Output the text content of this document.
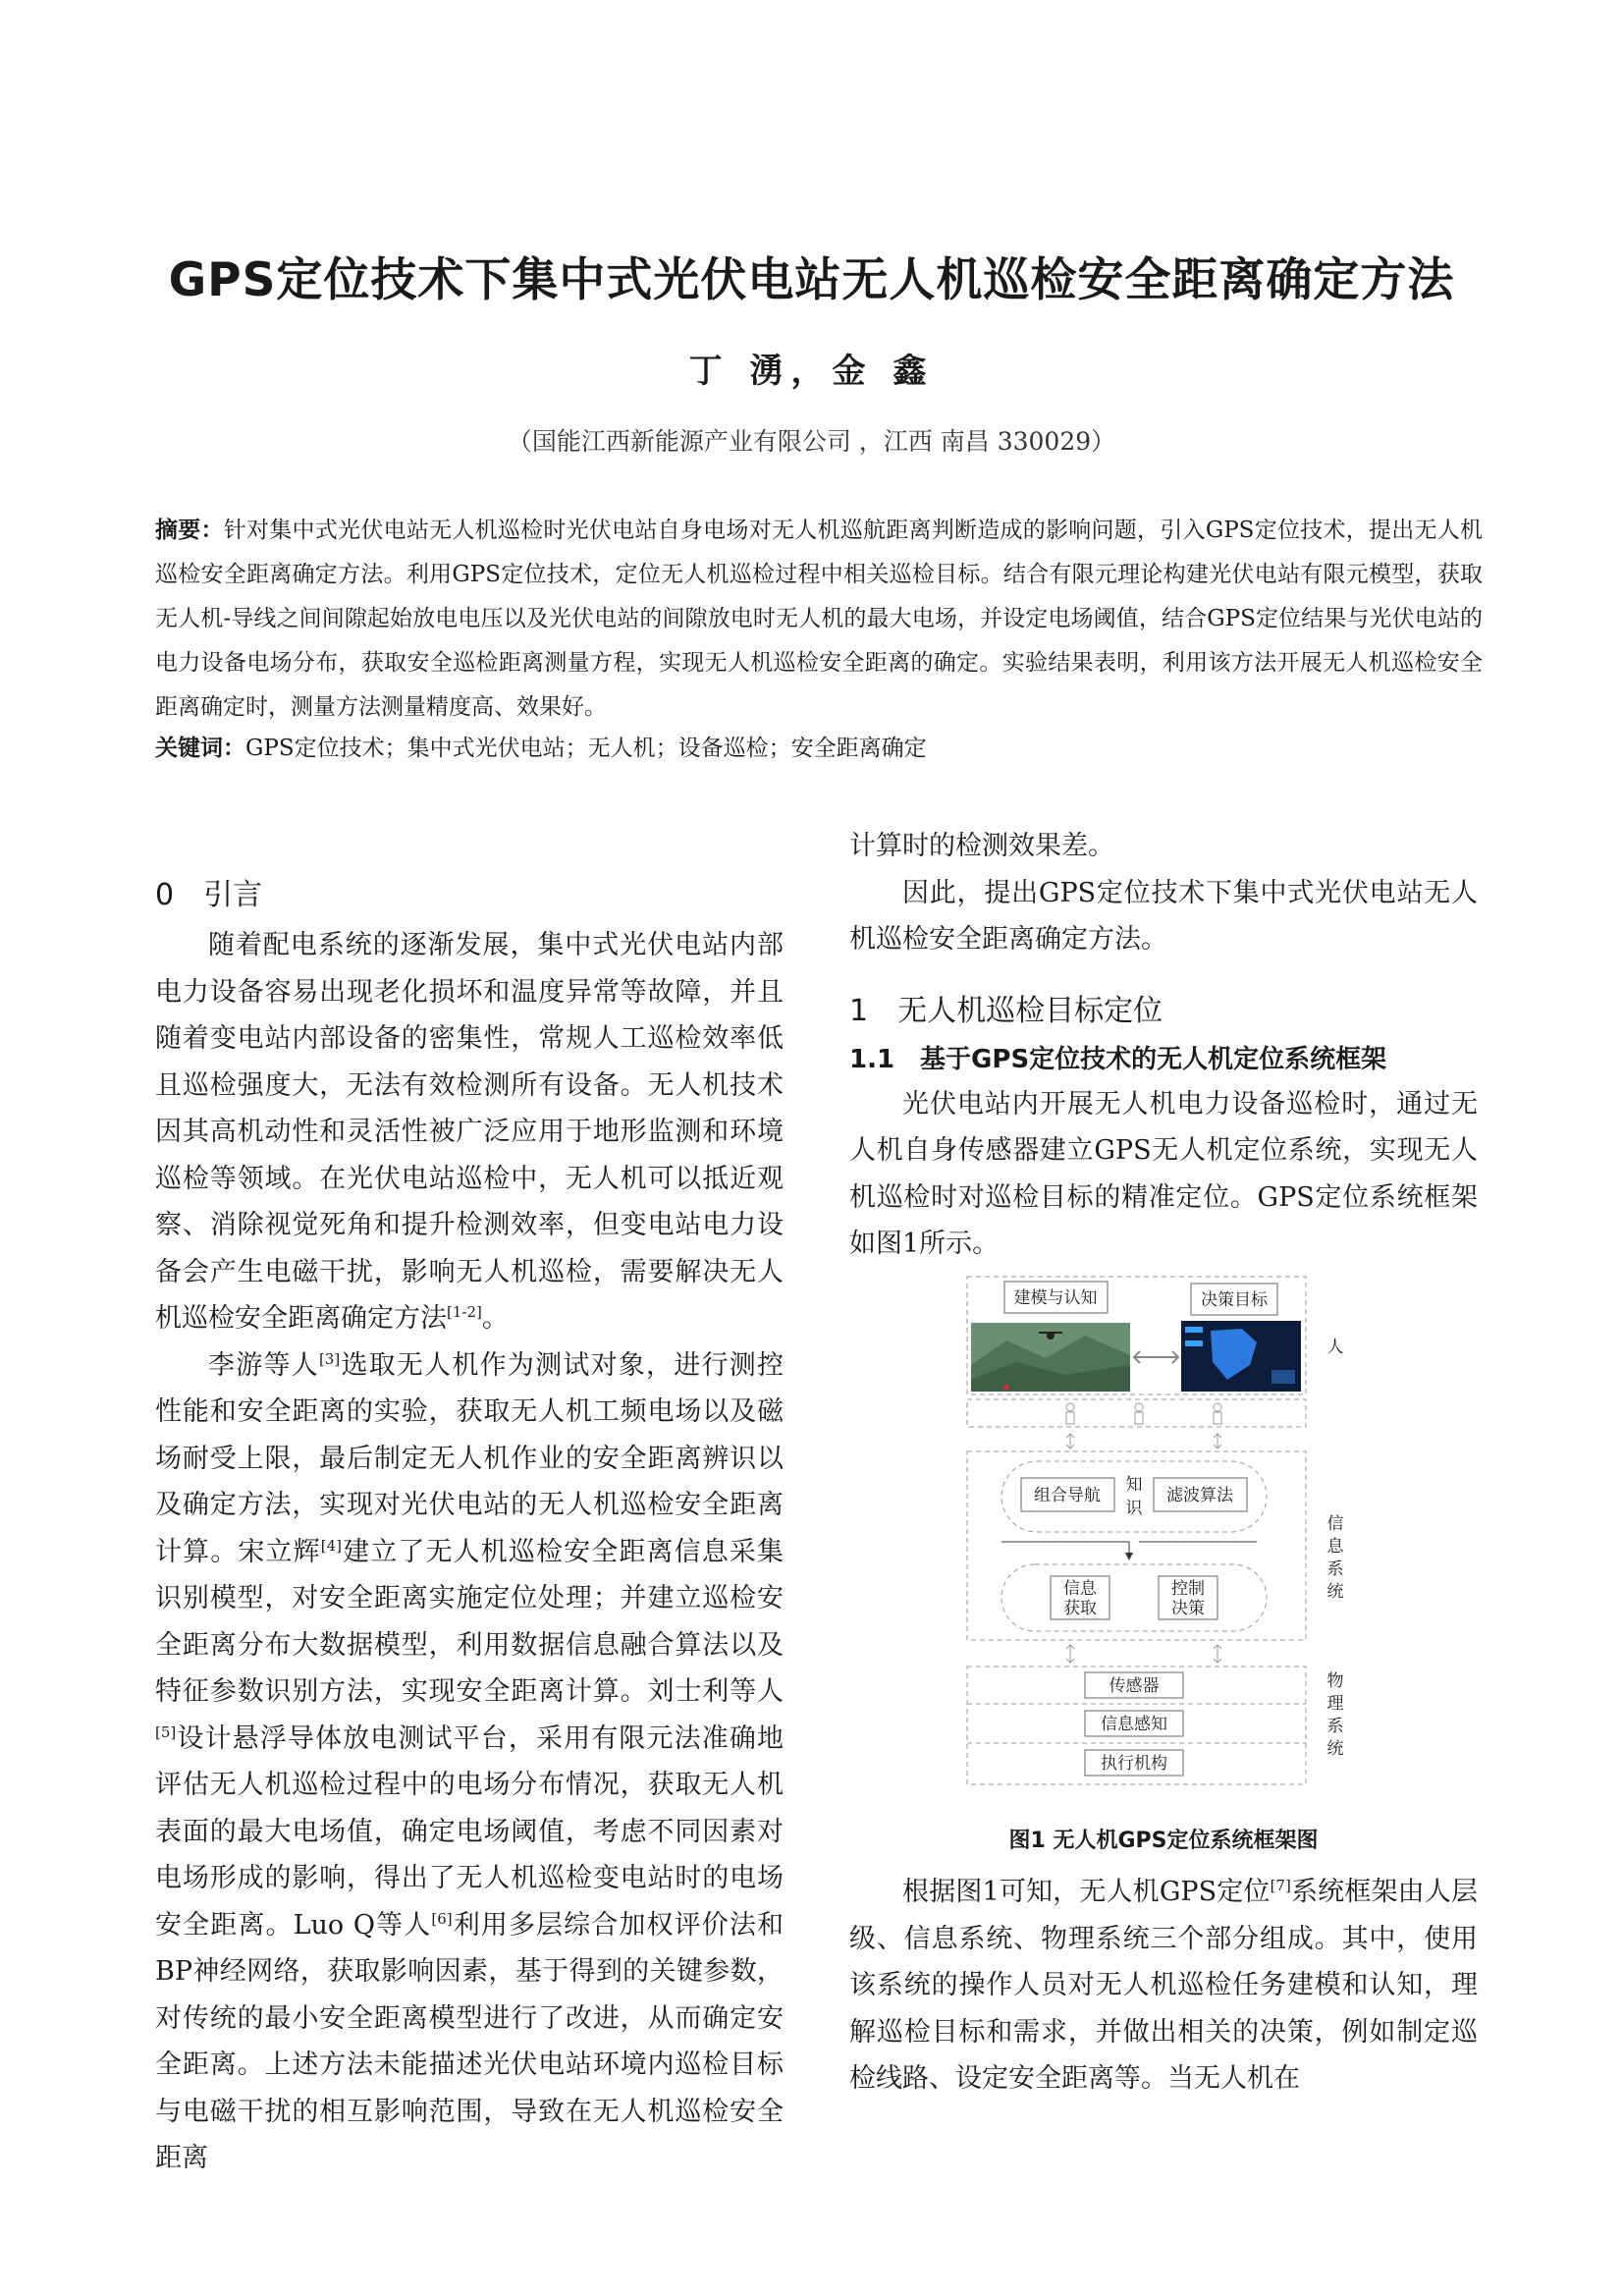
GPS定位技术下集中式光伏电站无人机巡检安全距离确定方法
丁 湧，金 鑫
（国能江西新能源产业有限公司 ，江西 南昌 330029）
摘要：针对集中式光伏电站无人机巡检时光伏电站自身电场对无人机巡航距离判断造成的影响问题，引入GPS定位技术，提出无人机巡检安全距离确定方法。利用GPS定位技术，定位无人机巡检过程中相关巡检目标。结合有限元理论构建光伏电站有限元模型，获取无人机-导线之间间隙起始放电电压以及光伏电站的间隙放电时无人机的最大电场，并设定电场阈值，结合GPS定位结果与光伏电站的电力设备电场分布，获取安全巡检距离测量方程，实现无人机巡检安全距离的确定。实验结果表明，利用该方法开展无人机巡检安全距离确定时，测量方法测量精度高、效果好。
关键词：GPS定位技术；集中式光伏电站；无人机；设备巡检；安全距离确定
0　引言

随着配电系统的逐渐发展，集中式光伏电站内部电力设备容易出现老化损坏和温度异常等故障，并且随着变电站内部设备的密集性，常规人工巡检效率低且巡检强度大，无法有效检测所有设备。无人机技术因其高机动性和灵活性被广泛应用于地形监测和环境巡检等领域。在光伏电站巡检中，无人机可以抵近观察、消除视觉死角和提升检测效率，但变电站电力设备会产生电磁干扰，影响无人机巡检，需要解决无人机巡检安全距离确定方法[1-2]。

李游等人[3]选取无人机作为测试对象，进行测控性能和安全距离的实验，获取无人机工频电场以及磁场耐受上限，最后制定无人机作业的安全距离辨识以及确定方法，实现对光伏电站的无人机巡检安全距离计算。宋立辉[4]建立了无人机巡检安全距离信息采集识别模型，对安全距离实施定位处理；并建立巡检安全距离分布大数据模型，利用数据信息融合算法以及特征参数识别方法，实现安全距离计算。刘士利等人[5]设计悬浮导体放电测试平台，采用有限元法准确地评估无人机巡检过程中的电场分布情况，获取无人机表面的最大电场值，确定电场阈值，考虑不同因素对电场形成的影响，得出了无人机巡检变电站时的电场安全距离。Luo Q等人[6]利用多层综合加权评价法和BP神经网络，获取影响因素，基于得到的关键参数，对传统的最小安全距离模型进行了改进，从而确定安全距离。上述方法未能描述光伏电站环境内巡检目标与电磁干扰的相互影响范围，导致在无人机巡检安全距离

计算时的检测效果差。

因此，提出GPS定位技术下集中式光伏电站无人机巡检安全距离确定方法。

1　无人机巡检目标定位
1.1　基于GPS定位技术的无人机定位系统框架

光伏电站内开展无人机电力设备巡检时，通过无人机自身传感器建立GPS无人机定位系统，实现无人机巡检时对巡检目标的精准定位。GPS定位系统框架如图1所示。

建模与认知	决策目标
人
组合导航
知
识
滤波算法
信息
获取
控制
决策
信
息
系
统
传感器
信息感知
执行机构
物
理
系
统
图1 无人机GPS定位系统框架图

根据图1可知，无人机GPS定位[7]系统框架由人层级、信息系统、物理系统三个部分组成。其中，使用该系统的操作人员对无人机巡检任务建模和认知，理解巡检目标和需求，并做出相关的决策，例如制定巡检线路、设定安全距离等。当无人机在
